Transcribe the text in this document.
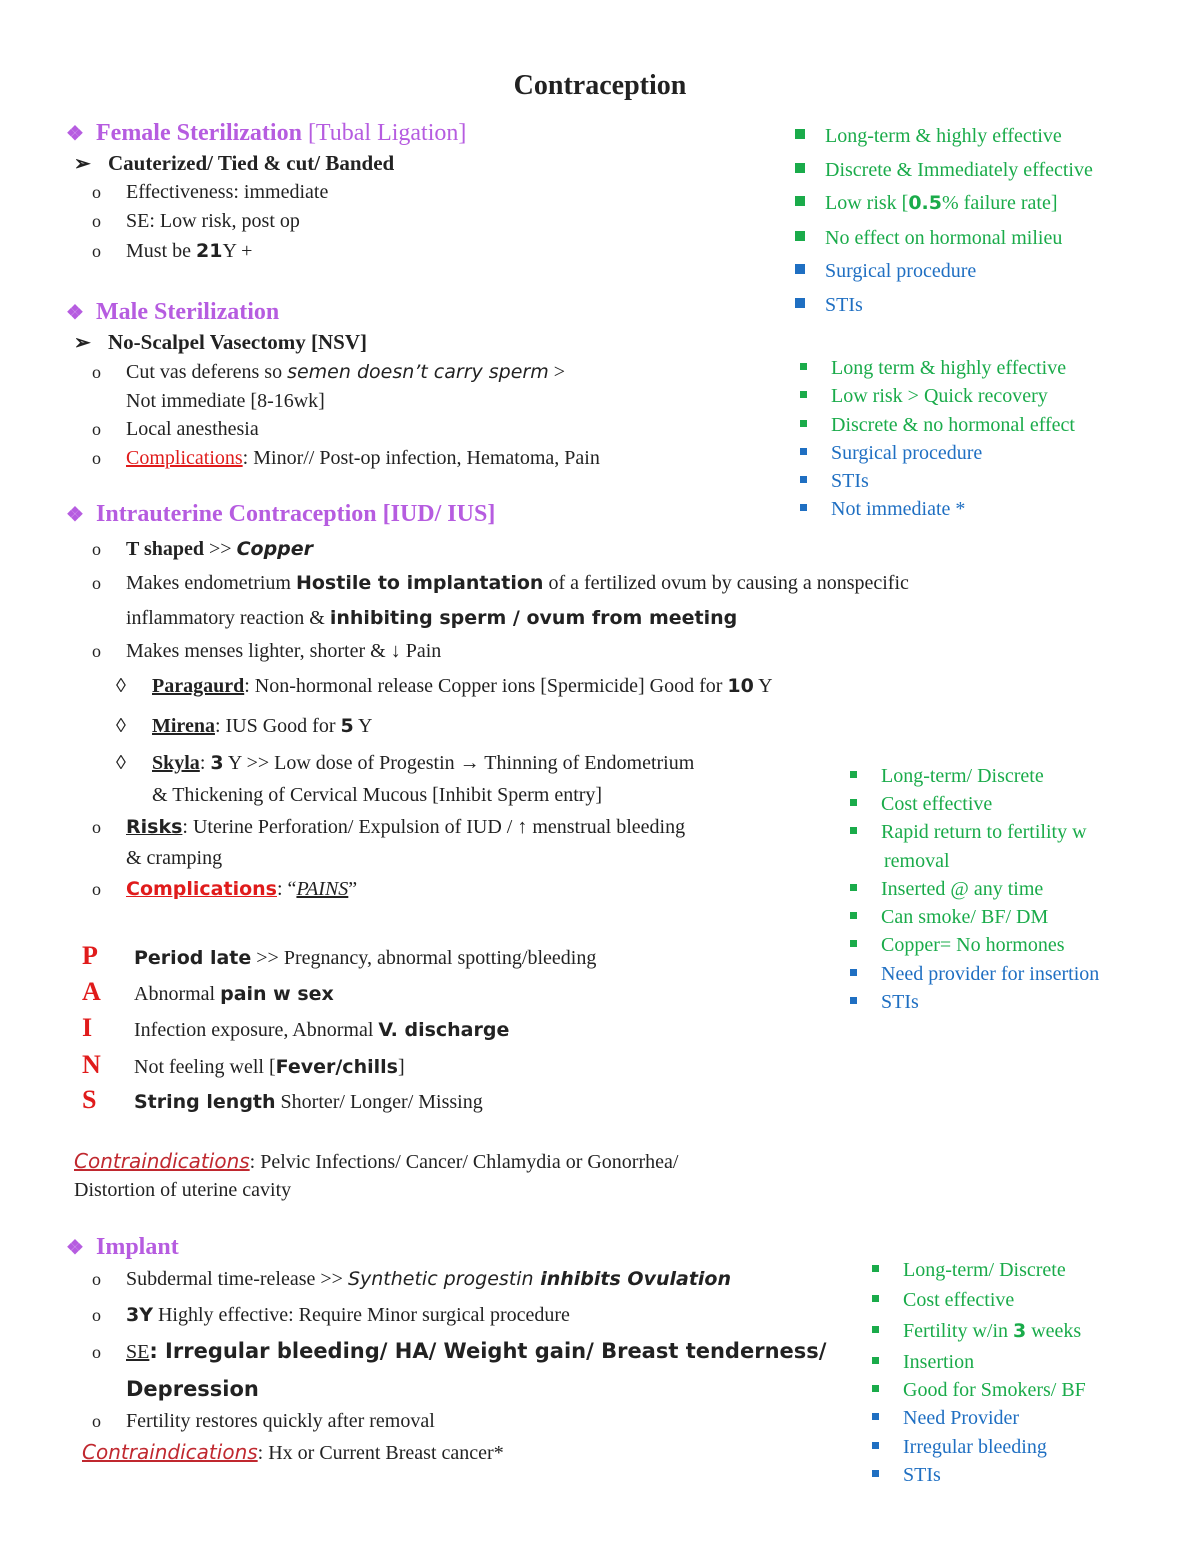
Contraception
❖ Female Sterilization [Tubal Ligation]
➢ Cauterized/ Tied & cut/ Banded
o Effectiveness: immediate
o SE: Low risk, post op
o Must be 21Y +
Long-term & highly effective
Discrete & Immediately effective
Low risk [0.5% failure rate]
No effect on hormonal milieu
Surgical procedure
STIs
❖ Male Sterilization
➢ No-Scalpel Vasectomy [NSV]
o Cut vas deferens so semen doesn’t carry sperm >
Not immediate [8-16wk]
o Local anesthesia
o Complications: Minor// Post-op infection, Hematoma, Pain
Long term & highly effective
Low risk > Quick recovery
Discrete & no hormonal effect
Surgical procedure
STIs
Not immediate *
❖ Intrauterine Contraception [IUD/ IUS]
o T shaped >> Copper
o Makes endometrium Hostile to implantation of a fertilized ovum by causing a nonspecific
inflammatory reaction & inhibiting sperm / ovum from meeting
o Makes menses lighter, shorter & ↓ Pain
◊ Paragaurd: Non-hormonal release Copper ions [Spermicide] Good for 10 Y
◊ Mirena: IUS Good for 5 Y
◊ Skyla: 3 Y >> Low dose of Progestin → Thinning of Endometrium
& Thickening of Cervical Mucous [Inhibit Sperm entry]
o Risks: Uterine Perforation/ Expulsion of IUD / ↑ menstrual bleeding
& cramping
o Complications: “PAINS”
P Period late >> Pregnancy, abnormal spotting/bleeding
A Abnormal pain w sex
I Infection exposure, Abnormal V. discharge
N Not feeling well [Fever/chills]
S String length Shorter/ Longer/ Missing
Contraindications: Pelvic Infections/ Cancer/ Chlamydia or Gonorrhea/
Distortion of uterine cavity
Long-term/ Discrete
Cost effective
Rapid return to fertility w
removal
Inserted @ any time
Can smoke/ BF/ DM
Copper= No hormones
Need provider for insertion
STIs
❖ Implant
o Subdermal time-release >> Synthetic progestin inhibits Ovulation
o 3Y Highly effective: Require Minor surgical procedure
o SE: Irregular bleeding/ HA/ Weight gain/ Breast tenderness/
Depression
o Fertility restores quickly after removal
Contraindications: Hx or Current Breast cancer*
Long-term/ Discrete
Cost effective
Fertility w/in 3 weeks
Insertion
Good for Smokers/ BF
Need Provider
Irregular bleeding
STIs
